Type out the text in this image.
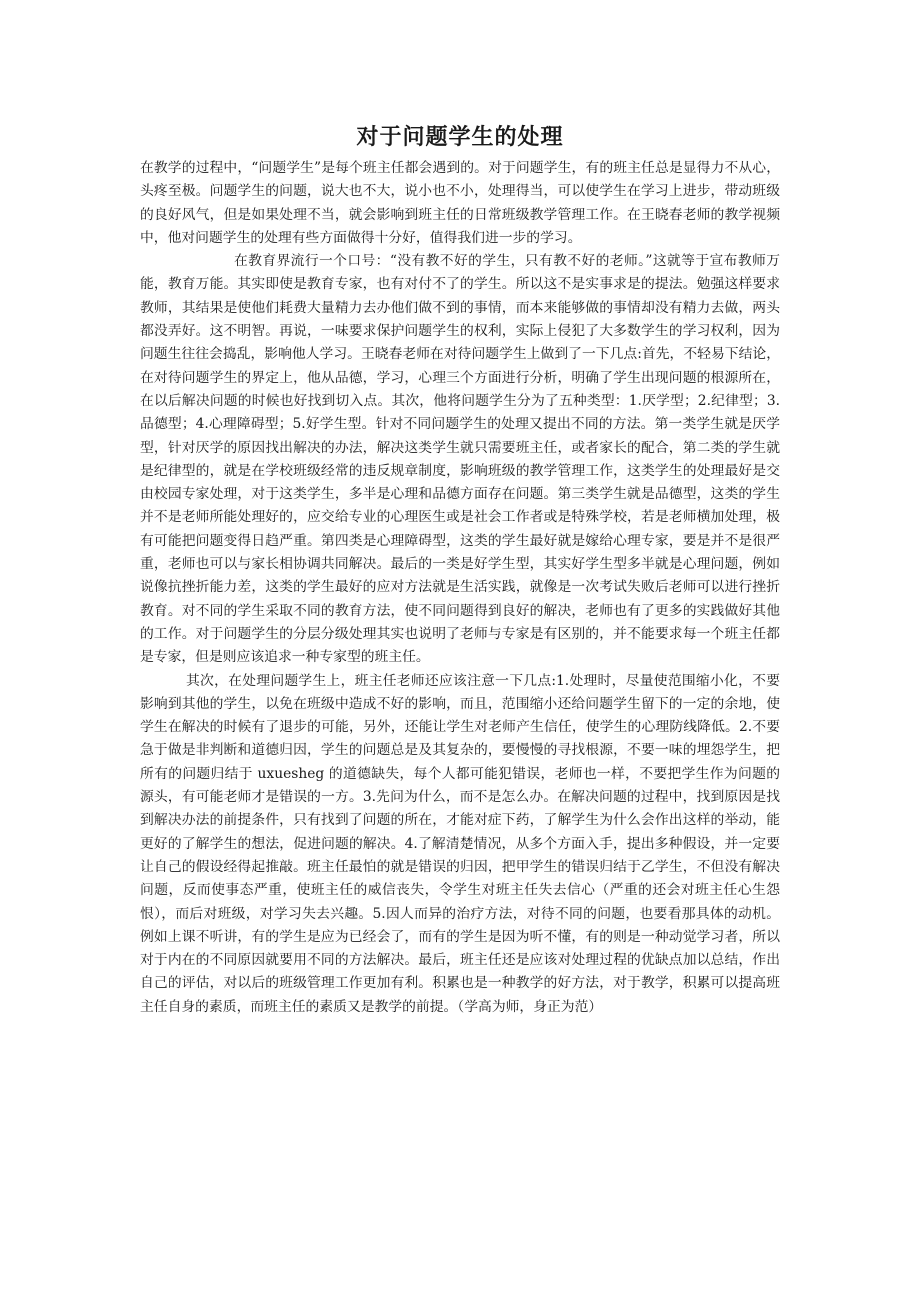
对于问题学生的处理

在教学的过程中，“问题学生”是每个班主任都会遇到的。对于问题学生，有的班主任总是显得力不从心，头疼至极。问题学生的问题，说大也不大，说小也不小，处理得当，可以使学生在学习上进步，带动班级的良好风气，但是如果处理不当，就会影响到班主任的日常班级教学管理工作。在王晓春老师的教学视频中，他对问题学生的处理有些方面做得十分好，值得我们进一步的学习。

在教育界流行一个口号：“没有教不好的学生，只有教不好的老师。”这就等于宣布教师万能，教育万能。其实即使是教育专家，也有对付不了的学生。所以这不是实事求是的提法。勉强这样要求教师，其结果是使他们耗费大量精力去办他们做不到的事情，而本来能够做的事情却没有精力去做，两头都没弄好。这不明智。再说，一味要求保护问题学生的权利，实际上侵犯了大多数学生的学习权利，因为问题生往往会捣乱，影响他人学习。王晓春老师在对待问题学生上做到了一下几点:首先，不轻易下结论，在对待问题学生的界定上，他从品德，学习，心理三个方面进行分析，明确了学生出现问题的根源所在，在以后解决问题的时候也好找到切入点。其次，他将问题学生分为了五种类型：1.厌学型；2.纪律型；3.品德型；4.心理障碍型；5.好学生型。针对不同问题学生的处理又提出不同的方法。第一类学生就是厌学型，针对厌学的原因找出解决的办法，解决这类学生就只需要班主任，或者家长的配合，第二类的学生就是纪律型的，就是在学校班级经常的违反规章制度，影响班级的教学管理工作，这类学生的处理最好是交由校园专家处理，对于这类学生，多半是心理和品德方面存在问题。第三类学生就是品德型，这类的学生并不是老师所能处理好的，应交给专业的心理医生或是社会工作者或是特殊学校，若是老师横加处理，极有可能把问题变得日趋严重。第四类是心理障碍型，这类的学生最好就是嫁给心理专家，要是并不是很严重，老师也可以与家长相协调共同解决。最后的一类是好学生型，其实好学生型多半就是心理问题，例如说像抗挫折能力差，这类的学生最好的应对方法就是生活实践，就像是一次考试失败后老师可以进行挫折教育。对不同的学生采取不同的教育方法，使不同问题得到良好的解决，老师也有了更多的实践做好其他的工作。对于问题学生的分层分级处理其实也说明了老师与专家是有区别的，并不能要求每一个班主任都是专家，但是则应该追求一种专家型的班主任。

其次，在处理问题学生上，班主任老师还应该注意一下几点:1.处理时，尽量使范围缩小化，不要影响到其他的学生，以免在班级中造成不好的影响，而且，范围缩小还给问题学生留下的一定的余地，使学生在解决的时候有了退步的可能，另外，还能让学生对老师产生信任，使学生的心理防线降低。2.不要急于做是非判断和道德归因，学生的问题总是及其复杂的，要慢慢的寻找根源，不要一味的埋怨学生，把所有的问题归结于 uxuesheg 的道德缺失，每个人都可能犯错误，老师也一样，不要把学生作为问题的源头，有可能老师才是错误的一方。3.先问为什么，而不是怎么办。在解决问题的过程中，找到原因是找到解决办法的前提条件，只有找到了问题的所在，才能对症下药，了解学生为什么会作出这样的举动，能更好的了解学生的想法，促进问题的解决。4.了解清楚情况，从多个方面入手，提出多种假设，并一定要让自己的假设经得起推敲。班主任最怕的就是错误的归因，把甲学生的错误归结于乙学生，不但没有解决问题，反而使事态严重，使班主任的威信丧失，令学生对班主任失去信心（严重的还会对班主任心生怨恨），而后对班级，对学习失去兴趣。5.因人而异的治疗方法，对待不同的问题，也要看那具体的动机。例如上课不听讲，有的学生是应为已经会了，而有的学生是因为听不懂，有的则是一种动觉学习者，所以对于内在的不同原因就要用不同的方法解决。最后，班主任还是应该对处理过程的优缺点加以总结，作出自己的评估，对以后的班级管理工作更加有利。积累也是一种教学的好方法，对于教学，积累可以提高班主任自身的素质，而班主任的素质又是教学的前提。（学高为师，身正为范）
